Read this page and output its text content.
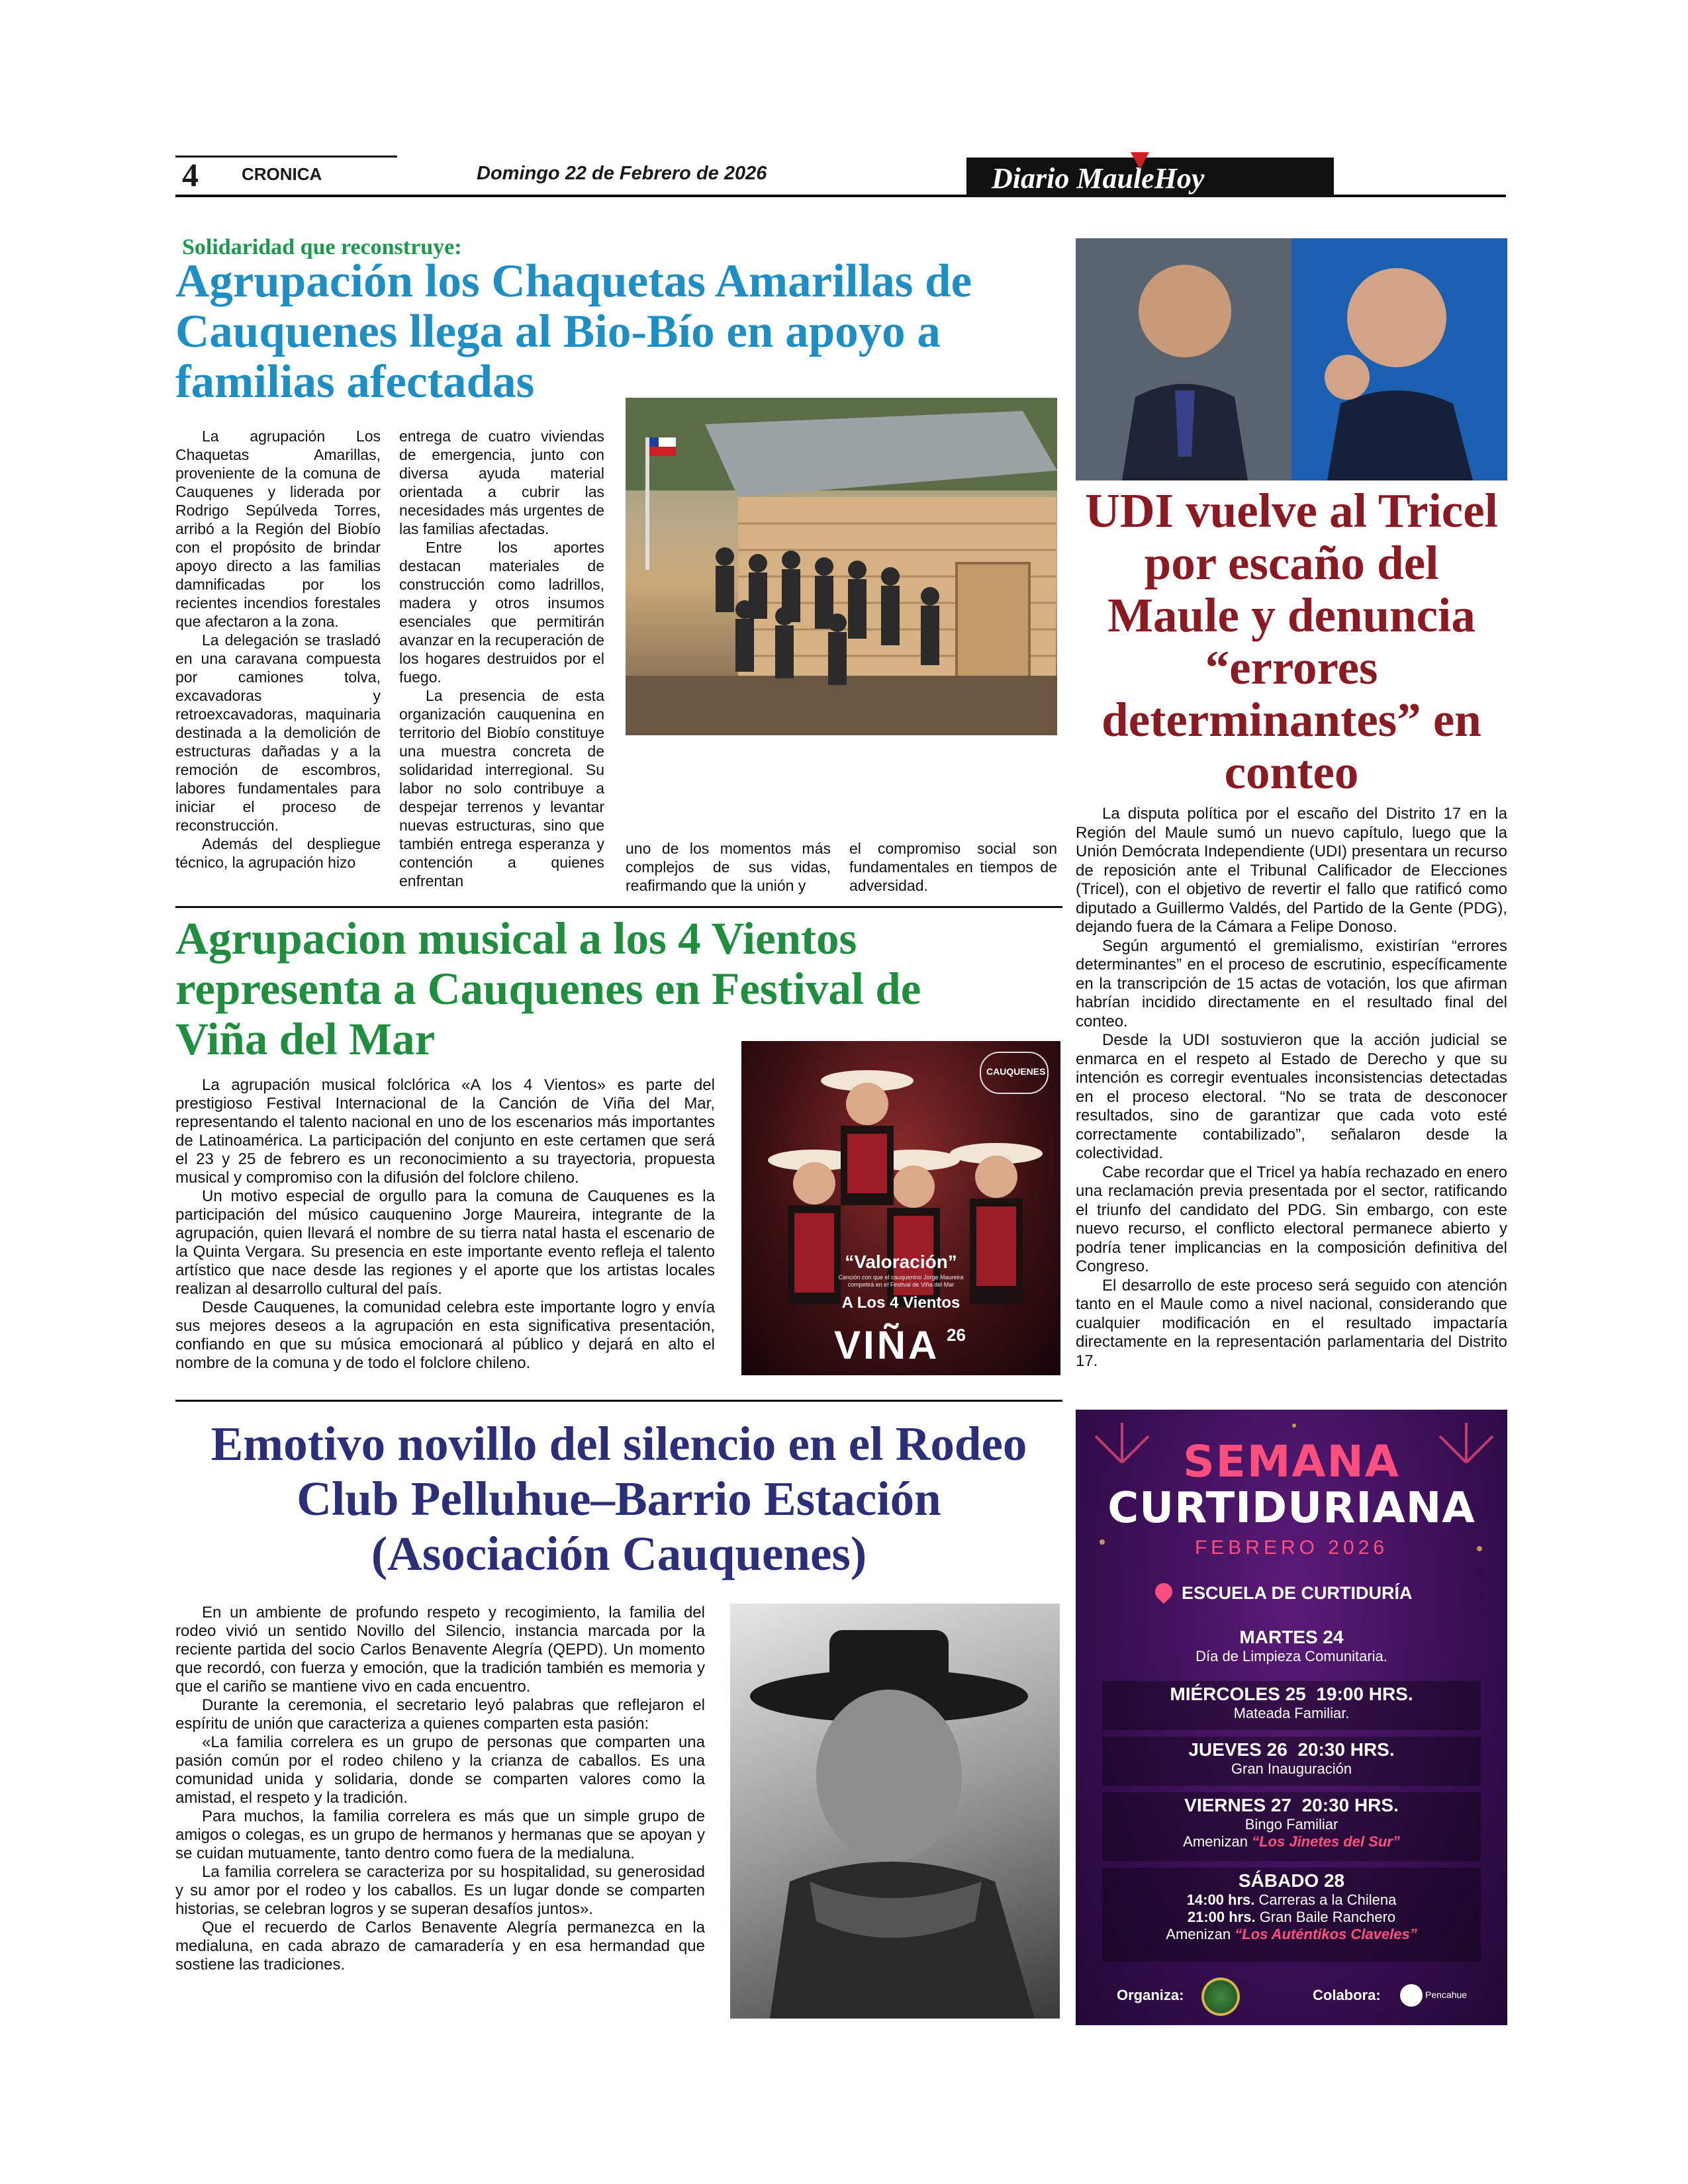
4	CRONICA	Domingo 22 de Febrero de 2026	Diario MauleHoy
Solidaridad que reconstruye:
Agrupación los Chaquetas Amarillas de Cauquenes llega al Bio-Bío en apoyo a familias afectadas

La agrupación Los Chaquetas Amarillas, proveniente de la comuna de Cauquenes y liderada por Rodrigo Sepúlveda Torres, arribó a la Región del Biobío con el propósito de brindar apoyo directo a las familias damnificadas por los recientes incendios forestales que afectaron a la zona.

La delegación se trasladó en una caravana compuesta por camiones tolva, excavadoras y retroexcavadoras, maquinaria destinada a la demolición de estructuras dañadas y a la remoción de escombros, labores fundamentales para iniciar el proceso de reconstrucción.

Además del despliegue técnico, la agrupación hizo

entrega de cuatro viviendas de emergencia, junto con diversa ayuda material orientada a cubrir las necesidades más urgentes de las familias afectadas.

Entre los aportes destacan materiales de construcción como ladrillos, madera y otros insumos esenciales que permitirán avanzar en la recuperación de los hogares destruidos por el fuego.

La presencia de esta organización cauquenina en territorio del Biobío constituye una muestra concreta de solidaridad interregional. Su labor no solo contribuye a despejar terrenos y levantar nuevas estructuras, sino que también entrega esperanza y contención a quienes enfrentan

uno de los momentos más complejos de sus vidas, reafirmando que la unión y
el compromiso social son fundamentales en tiempos de adversidad.
UDI vuelve al Tricel por escaño del Maule y denuncia “errores determinantes” en conteo

La disputa política por el escaño del Distrito 17 en la Región del Maule sumó un nuevo capítulo, luego que la Unión Demócrata Independiente (UDI) presentara un recurso de reposición ante el Tribunal Calificador de Elecciones (Tricel), con el objetivo de revertir el fallo que ratificó como diputado a Guillermo Valdés, del Partido de la Gente (PDG), dejando fuera de la Cámara a Felipe Donoso.

Según argumentó el gremialismo, existirían “errores determinantes” en el proceso de escrutinio, específicamente en la transcripción de 15 actas de votación, los que afirman habrían incidido directamente en el resultado final del conteo.

Desde la UDI sostuvieron que la acción judicial se enmarca en el respeto al Estado de Derecho y que su intención es corregir eventuales inconsistencias detectadas en el proceso electoral. “No se trata de desconocer resultados, sino de garantizar que cada voto esté correctamente contabilizado”, señalaron desde la colectividad.

Cabe recordar que el Tricel ya había rechazado en enero una reclamación previa presentada por el sector, ratificando el triunfo del candidato del PDG. Sin embargo, con este nuevo recurso, el conflicto electoral permanece abierto y podría tener implicancias en la composición definitiva del Congreso.

El desarrollo de este proceso será seguido con atención tanto en el Maule como a nivel nacional, considerando que cualquier modificación en el resultado impactaría directamente en la representación parlamentaria del Distrito 17.

Agrupacion musical a los 4 Vientos representa a Cauquenes en Festival de Viña del Mar

La agrupación musical folclórica «A los 4 Vientos» es parte del prestigioso Festival Internacional de la Canción de Viña del Mar, representando el talento nacional en uno de los escenarios más importantes de Latinoamérica. La participación del conjunto en este certamen que será el 23 y 25 de febrero es un reconocimiento a su trayectoria, propuesta musical y compromiso con la difusión del folclore chileno.

Un motivo especial de orgullo para la comuna de Cauquenes es la participación del músico cauquenino Jorge Maureira, integrante de la agrupación, quien llevará el nombre de su tierra natal hasta el escenario de la Quinta Vergara. Su presencia en este importante evento refleja el talento artístico que nace desde las regiones y el aporte que los artistas locales realizan al desarrollo cultural del país.

Desde Cauquenes, la comunidad celebra este importante logro y envía sus mejores deseos a la agrupación en esta significativa presentación, confiando en que su música emocionará al público y dejará en alto el nombre de la comuna y de todo el folclore chileno.

CAUQUENES
“Valoración”
Canción con que el cauquenino Jorge Maureira competirá en el Festival de Viña del Mar
A Los 4 Vientos
VIÑA 26
Emotivo novillo del silencio en el Rodeo Club Pelluhue–Barrio Estación (Asociación Cauquenes)

En un ambiente de profundo respeto y recogimiento, la familia del rodeo vivió un sentido Novillo del Silencio, instancia marcada por la reciente partida del socio Carlos Benavente Alegría (QEPD). Un momento que recordó, con fuerza y emoción, que la tradición también es memoria y que el cariño se mantiene vivo en cada encuentro.

Durante la ceremonia, el secretario leyó palabras que reflejaron el espíritu de unión que caracteriza a quienes comparten esta pasión:

«La familia correlera es un grupo de personas que comparten una pasión común por el rodeo chileno y la crianza de caballos. Es una comunidad unida y solidaria, donde se comparten valores como la amistad, el respeto y la tradición.

Para muchos, la familia correlera es más que un simple grupo de amigos o colegas, es un grupo de hermanos y hermanas que se apoyan y se cuidan mutuamente, tanto dentro como fuera de la medialuna.

La familia correlera se caracteriza por su hospitalidad, su generosidad y su amor por el rodeo y los caballos. Es un lugar donde se comparten historias, se celebran logros y se superan desafíos juntos».

Que el recuerdo de Carlos Benavente Alegría permanezca en la medialuna, en cada abrazo de camaradería y en esa hermandad que sostiene las tradiciones.

SEMANA
CURTIDURIANA
FEBRERO 2026
ESCUELA DE CURTIDURÍA
MARTES 24
Día de Limpieza Comunitaria.
MIÉRCOLES 25 19:00 HRS.
Mateada Familiar.
JUEVES 26 20:30 HRS.
Gran Inauguración
VIERNES 27 20:30 HRS.
Bingo Familiar
Amenizan “Los Jinetes del Sur”
SÁBADO 28
14:00 hrs. Carreras a la Chilena
21:00 hrs. Gran Baile Ranchero
Amenizan “Los Auténtikos Claveles”
Organiza:	Colabora:	Pencahue
